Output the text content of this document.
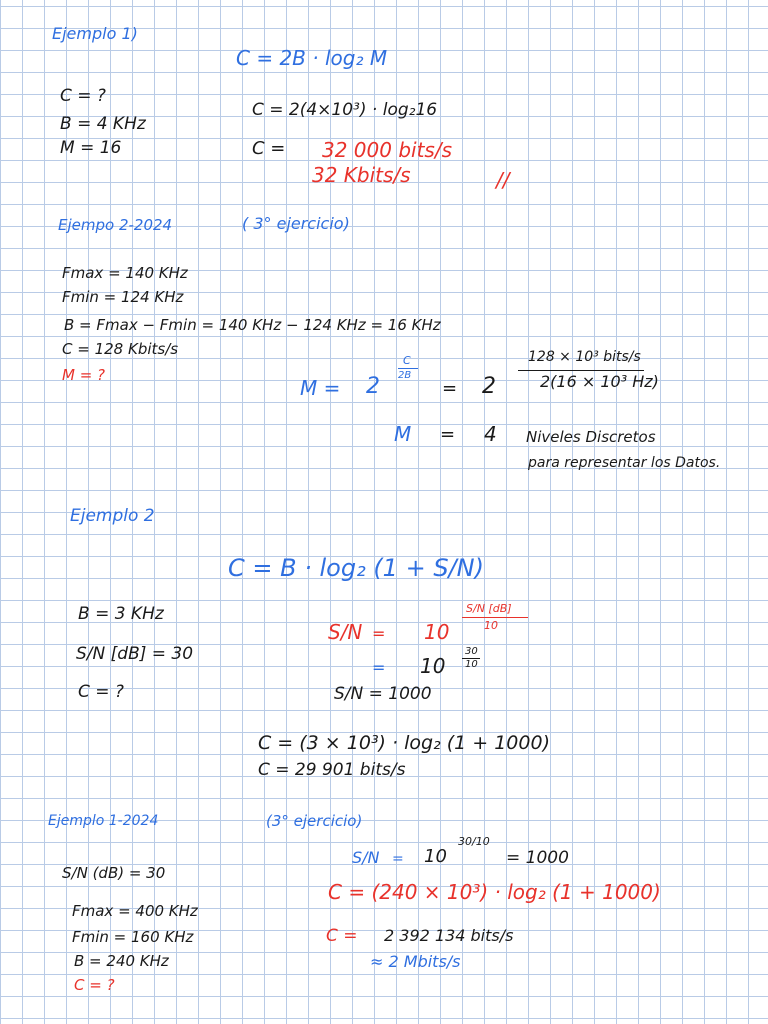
Ejemplo 1)
C = 2B · log₂ M
C = ?
B = 4 KHz
M = 16
C = 2(4×10³) · log₂16
C = 32 000 bits/s
32 Kbits/s	//
Ejempo 2-2024	( 3° ejercicio)
Fmax = 140 KHz
Fmin = 124 KHz
B = Fmax − Fmin = 140 KHz − 124 KHz = 16 KHz
C = 128 Kbits/s
M = ?
M = 2
C
2B
= 2
128 × 10³ bits/s
2(16 × 10³ Hz)
M = 4 Niveles Discretos
para representar los Datos.
Ejemplo 2
C = B · log₂ (1 + S/N)
B = 3 KHz
S/N [dB] = 30
C = ?
S/N = 10
S/N [dB]
10
= 10
30
10
S/N = 1000
C = (3 × 10³) · log₂ (1 + 1000)
C = 29 901 bits/s
Ejemplo 1-2024	(3° ejercicio)
S/N (dB) = 30
Fmax = 400 KHz
Fmin = 160 KHz
B = 240 KHz
C = ?
S/N = 10
30/10
= 1000
C = (240 × 10³) · log₂ (1 + 1000)
C = 2 392 134 bits/s
≈ 2 Mbits/s
